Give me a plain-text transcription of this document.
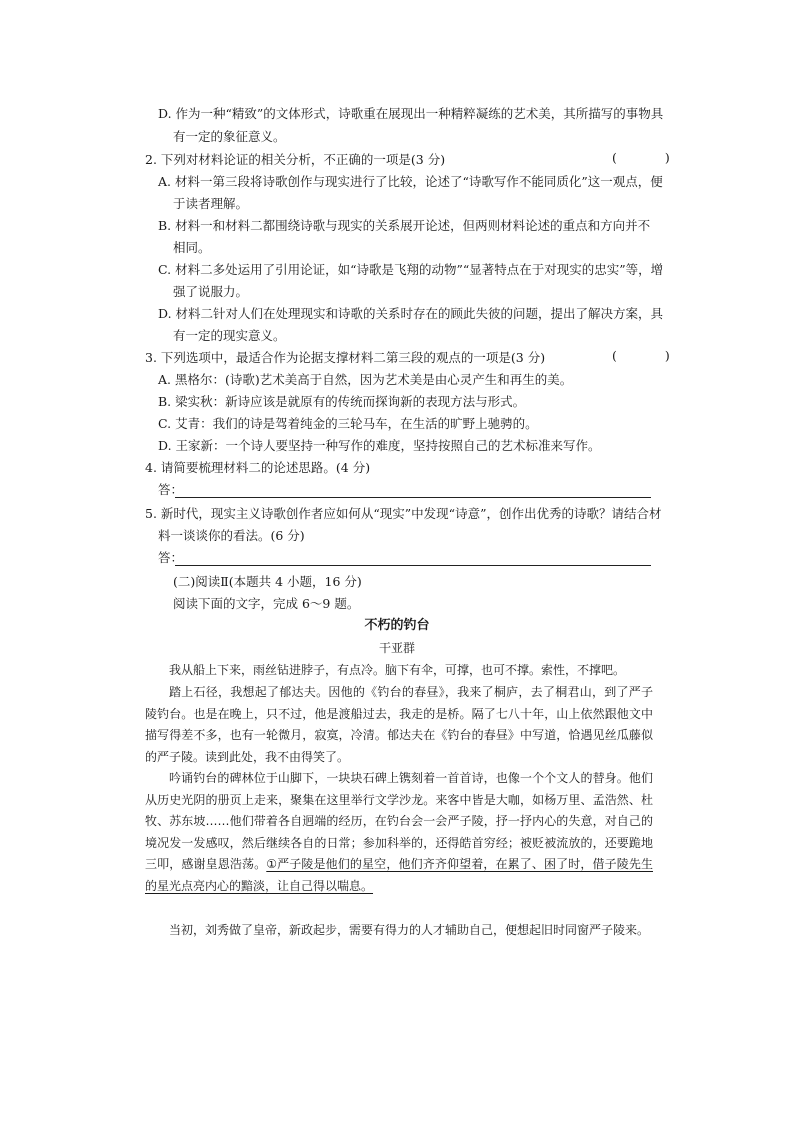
D. 作为一种“精致”的文体形式，诗歌重在展现出一种精粹凝练的艺术美，其所描写的事物具
有一定的象征意义。
2. 下列对材料论证的相关分析，不正确的一项是(3 分)	( )
A. 材料一第三段将诗歌创作与现实进行了比较，论述了“诗歌写作不能同质化”这一观点，便
于读者理解。
B. 材料一和材料二都围绕诗歌与现实的关系展开论述，但两则材料论述的重点和方向并不
相同。
C. 材料二多处运用了引用论证，如“诗歌是飞翔的动物”“显著特点在于对现实的忠实”等，增
强了说服力。
D. 材料二针对人们在处理现实和诗歌的关系时存在的顾此失彼的问题，提出了解决方案，具
有一定的现实意义。
3. 下列选项中，最适合作为论据支撑材料二第三段的观点的一项是(3 分)	( )
A. 黑格尔：(诗歌)艺术美高于自然，因为艺术美是由心灵产生和再生的美。
B. 梁实秋：新诗应该是就原有的传统而探询新的表现方法与形式。
C. 艾青：我们的诗是驾着纯金的三轮马车，在生活的旷野上驰骋的。
D. 王家新：一个诗人要坚持一种写作的难度，坚持按照自己的艺术标准来写作。
4. 请简要梳理材料二的论述思路。(4 分)
答：
5. 新时代，现实主义诗歌创作者应如何从“现实”中发现“诗意”，创作出优秀的诗歌？请结合材
料一谈谈你的看法。(6 分)
答：
(二)阅读Ⅱ(本题共 4 小题，16 分)
阅读下面的文字，完成 6～9 题。
不朽的钓台
干亚群
我从船上下来，雨丝钻进脖子，有点冷。脑下有伞，可撑，也可不撑。索性，不撑吧。
踏上石径，我想起了郁达夫。因他的《钓台的春昼》，我来了桐庐，去了桐君山，到了严子陵钓台。也是在晚上，只不过，他是渡船过去，我走的是桥。隔了七八十年，山上依然跟他文中描写得差不多，也有一轮微月，寂寞，冷清。郁达夫在《钓台的春昼》中写道，恰遇见丝瓜藤似的严子陵。读到此处，我不由得笑了。
吟诵钓台的碑林位于山脚下，一块块石碑上镌刻着一首首诗，也像一个个文人的替身。他们从历史光阴的册页上走来，聚集在这里举行文学沙龙。来客中皆是大咖，如杨万里、孟浩然、杜牧、苏东坡……他们带着各自迥端的经历，在钓台会一会严子陵，抒一抒内心的失意，对自己的境况发一发感叹，然后继续各自的日常；参加科举的，还得皓首穷经；被贬被流放的，还要跪地三叩，感谢皇恩浩荡。①严子陵是他们的星空，他们齐齐仰望着，在累了、困了时，借子陵先生的星光点亮内心的黯淡，让自己得以喘息。
当初，刘秀做了皇帝，新政起步，需要有得力的人才辅助自己，便想起旧时同窗严子陵来。
